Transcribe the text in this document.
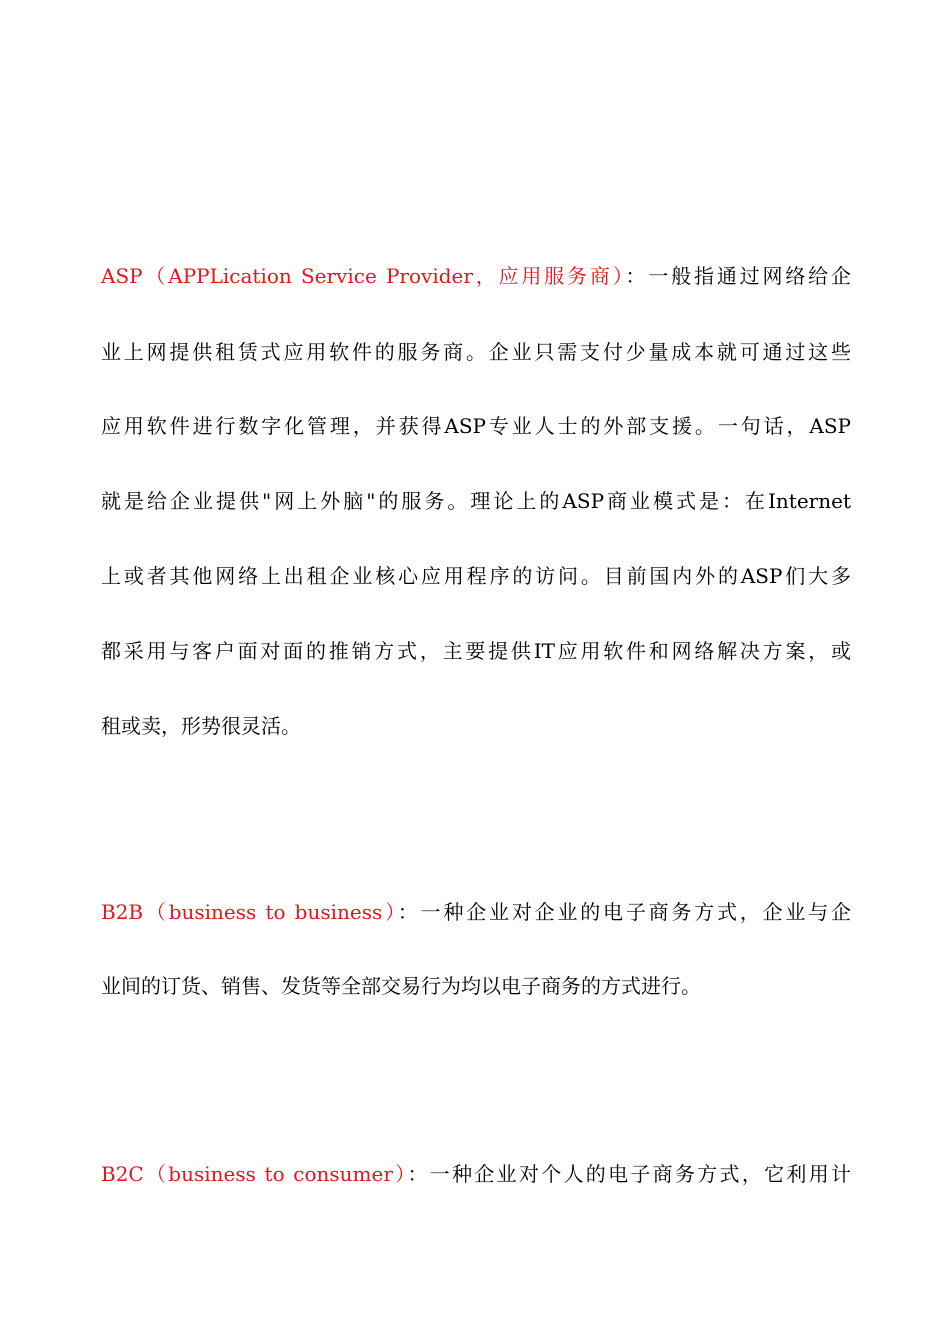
ASP（APPLication Service Provider，应用服务商）：一般指通过网络给企
业上网提供租赁式应用软件的服务商。企业只需支付少量成本就可通过这些
应用软件进行数字化管理，并获得ASP专业人士的外部支援。一句话，ASP
就是给企业提供"网上外脑"的服务。理论上的ASP商业模式是：在Internet
上或者其他网络上出租企业核心应用程序的访问。目前国内外的ASP们大多
都采用与客户面对面的推销方式，主要提供IT应用软件和网络解决方案，或
租或卖，形势很灵活。
B2B（business to business）：一种企业对企业的电子商务方式，企业与企
业间的订货、销售、发货等全部交易行为均以电子商务的方式进行。
B2C（business to consumer）：一种企业对个人的电子商务方式，它利用计
